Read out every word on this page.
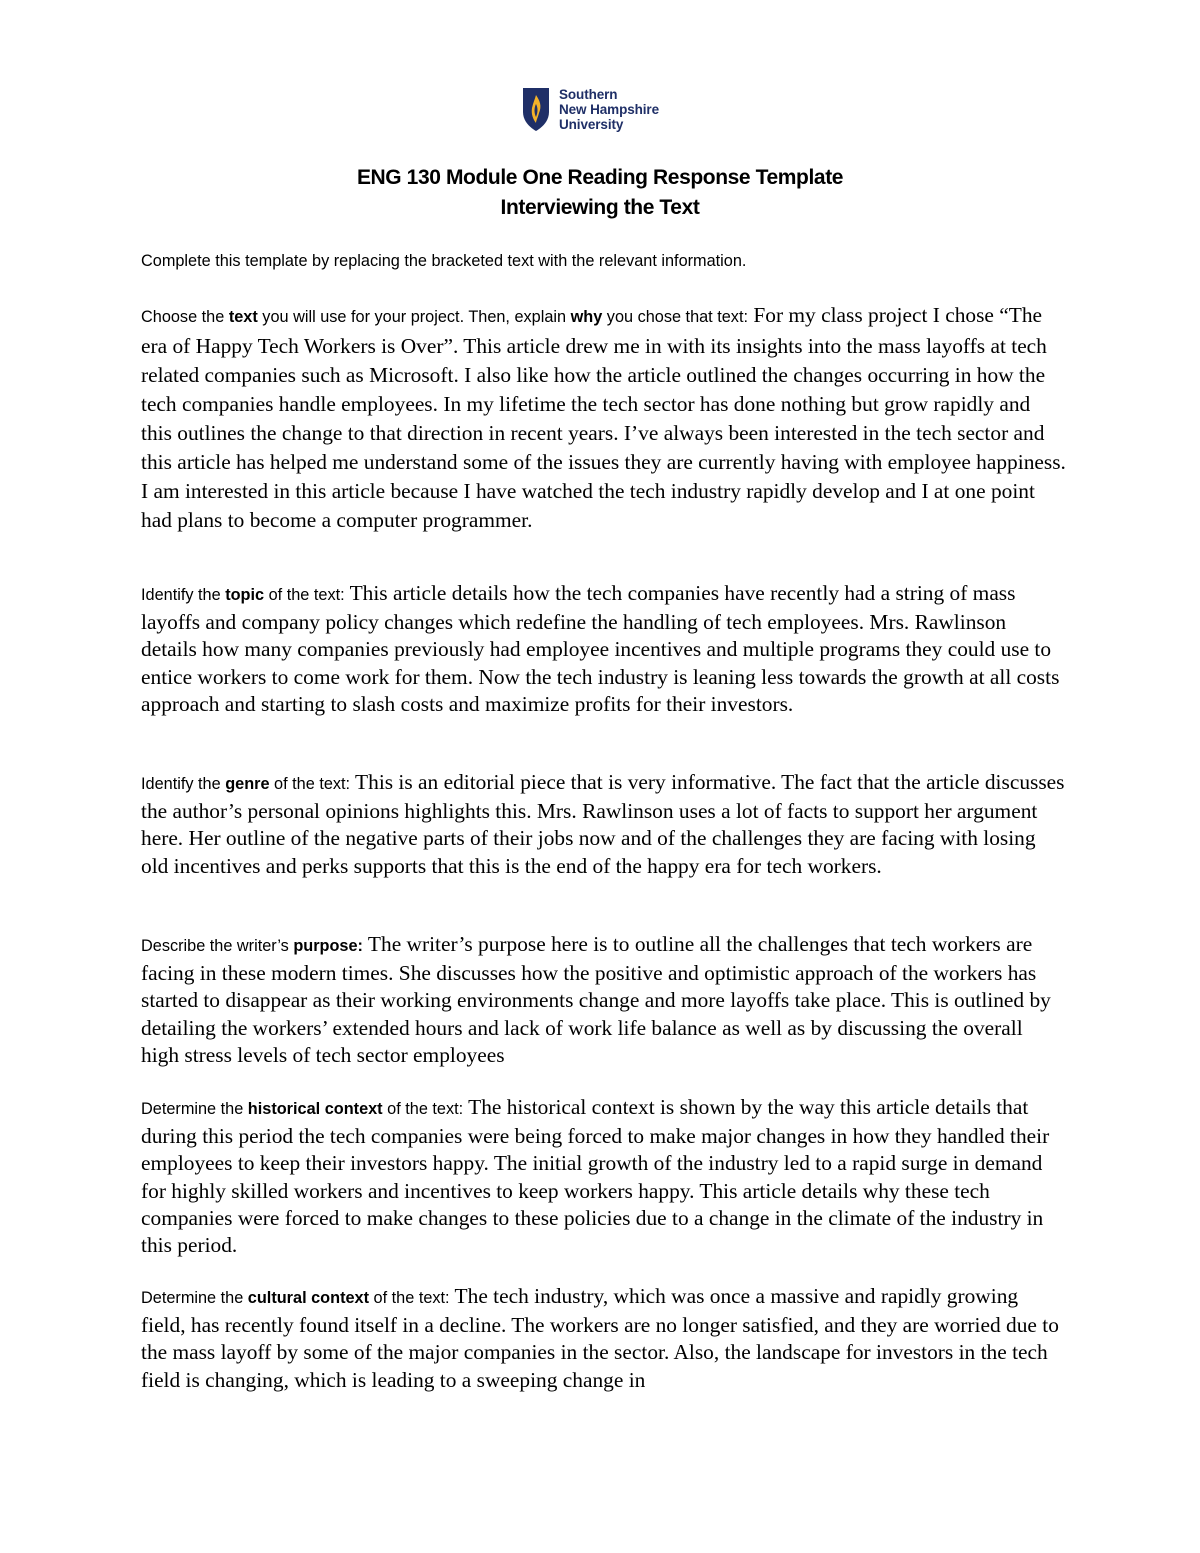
Southern
New Hampshire
University
ENG 130 Module One Reading Response Template
Interviewing the Text
Complete this template by replacing the bracketed text with the relevant information.
Choose the text you will use for your project. Then, explain why you chose that text: For my class project I chose “The era of Happy Tech Workers is Over”. This article drew me in with its insights into the mass layoffs at tech related companies such as Microsoft. I also like how the article outlined the changes occurring in how the tech companies handle employees. In my lifetime the tech sector has done nothing but grow rapidly and this outlines the change to that direction in recent years. I’ve always been interested in the tech sector and this article has helped me understand some of the issues they are currently having with employee happiness. I am interested in this article because I have watched the tech industry rapidly develop and I at one point had plans to become a computer programmer.
Identify the topic of the text: This article details how the tech companies have recently had a string of mass layoffs and company policy changes which redefine the handling of tech employees. Mrs. Rawlinson details how many companies previously had employee incentives and multiple programs they could use to entice workers to come work for them. Now the tech industry is leaning less towards the growth at all costs approach and starting to slash costs and maximize profits for their investors.
Identify the genre of the text: This is an editorial piece that is very informative. The fact that the article discusses the author’s personal opinions highlights this. Mrs. Rawlinson uses a lot of facts to support her argument here. Her outline of the negative parts of their jobs now and of the challenges they are facing with losing old incentives and perks supports that this is the end of the happy era for tech workers.
Describe the writer’s purpose: The writer’s purpose here is to outline all the challenges that tech workers are facing in these modern times. She discusses how the positive and optimistic approach of the workers has started to disappear as their working environments change and more layoffs take place. This is outlined by detailing the workers’ extended hours and lack of work life balance as well as by discussing the overall high stress levels of tech sector employees
Determine the historical context of the text: The historical context is shown by the way this article details that during this period the tech companies were being forced to make major changes in how they handled their employees to keep their investors happy. The initial growth of the industry led to a rapid surge in demand for highly skilled workers and incentives to keep workers happy. This article details why these tech companies were forced to make changes to these policies due to a change in the climate of the industry in this period.
Determine the cultural context of the text: The tech industry, which was once a massive and rapidly growing field, has recently found itself in a decline. The workers are no longer satisfied, and they are worried due to the mass layoff by some of the major companies in the sector. Also, the landscape for investors in the tech field is changing, which is leading to a sweeping change in
